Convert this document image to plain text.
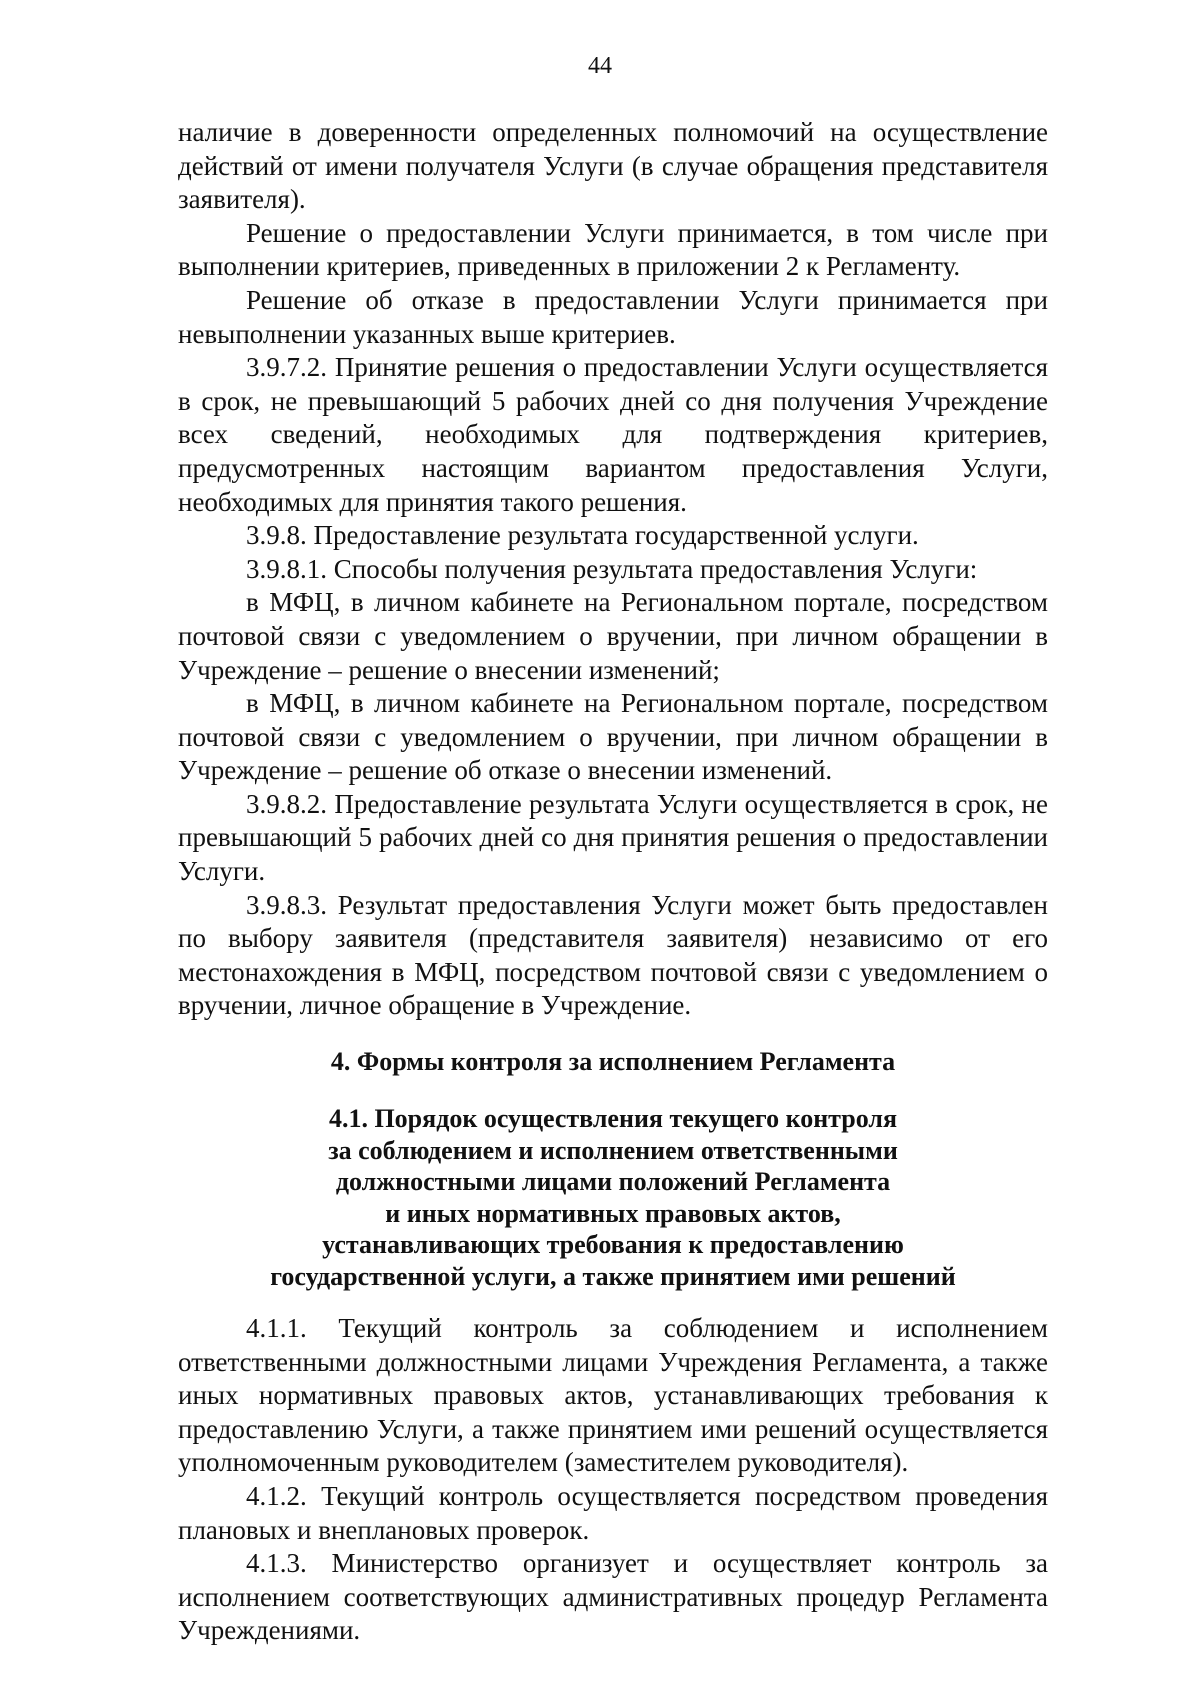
44

наличие в доверенности определенных полномочий на осуществление действий от имени получателя Услуги (в случае обращения представителя заявителя).

Решение о предоставлении Услуги принимается, в том числе при выполнении критериев, приведенных в приложении 2 к Регламенту.

Решение об отказе в предоставлении Услуги принимается при невыполнении указанных выше критериев.

3.9.7.2. Принятие решения о предоставлении Услуги осуществляется в срок, не превышающий 5 рабочих дней со дня получения Учреждение всех сведений, необходимых для подтверждения критериев, предусмотренных настоящим вариантом предоставления Услуги, необходимых для принятия такого решения.

3.9.8. Предоставление результата государственной услуги.

3.9.8.1. Способы получения результата предоставления Услуги:

в МФЦ, в личном кабинете на Региональном портале, посредством почтовой связи с уведомлением о вручении, при личном обращении в Учреждение – решение о внесении изменений;

в МФЦ, в личном кабинете на Региональном портале, посредством почтовой связи с уведомлением о вручении, при личном обращении в Учреждение – решение об отказе о внесении изменений.

3.9.8.2. Предоставление результата Услуги осуществляется в срок, не превышающий 5 рабочих дней со дня принятия решения о предоставлении Услуги.

3.9.8.3. Результат предоставления Услуги может быть предоставлен по выбору заявителя (представителя заявителя) независимо от его местонахождения в МФЦ, посредством почтовой связи с уведомлением о вручении, личное обращение в Учреждение.

4. Формы контроля за исполнением Регламента

4.1. Порядок осуществления текущего контроля
за соблюдением и исполнением ответственными
должностными лицами положений Регламента
и иных нормативных правовых актов,
устанавливающих требования к предоставлению
государственной услуги, а также принятием ими решений

4.1.1. Текущий контроль за соблюдением и исполнением ответственными должностными лицами Учреждения Регламента, а также иных нормативных правовых актов, устанавливающих требования к предоставлению Услуги, а также принятием ими решений осуществляется уполномоченным руководителем (заместителем руководителя).

4.1.2. Текущий контроль осуществляется посредством проведения плановых и внеплановых проверок.

4.1.3. Министерство организует и осуществляет контроль за исполнением соответствующих административных процедур Регламента Учреждениями.
